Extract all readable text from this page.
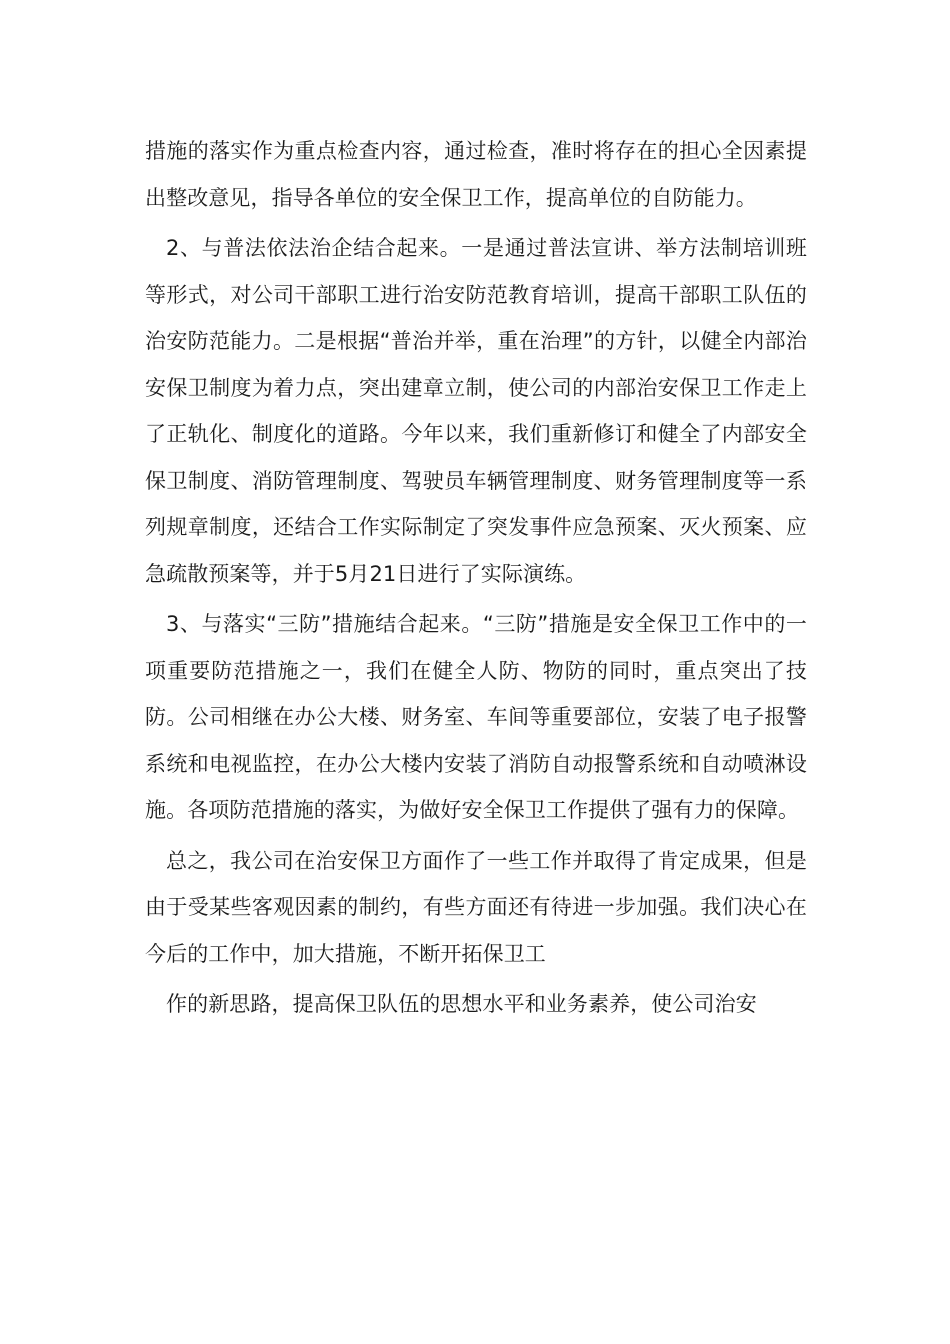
措施的落实作为重点检查内容，通过检查，准时将存在的担心全因素提出整改意见，指导各单位的安全保卫工作，提高单位的自防能力。

2、与普法依法治企结合起来。一是通过普法宣讲、举方法制培训班等形式，对公司干部职工进行治安防范教育培训，提高干部职工队伍的治安防范能力。二是根据“普治并举，重在治理”的方针，以健全内部治安保卫制度为着力点，突出建章立制，使公司的内部治安保卫工作走上了正轨化、制度化的道路。今年以来，我们重新修订和健全了内部安全保卫制度、消防管理制度、驾驶员车辆管理制度、财务管理制度等一系列规章制度，还结合工作实际制定了突发事件应急预案、灭火预案、应急疏散预案等，并于5月21日进行了实际演练。

3、与落实“三防”措施结合起来。“三防”措施是安全保卫工作中的一项重要防范措施之一，我们在健全人防、物防的同时，重点突出了技防。公司相继在办公大楼、财务室、车间等重要部位，安装了电子报警系统和电视监控，在办公大楼内安装了消防自动报警系统和自动喷淋设施。各项防范措施的落实，为做好安全保卫工作提供了强有力的保障。

总之，我公司在治安保卫方面作了一些工作并取得了肯定成果，但是由于受某些客观因素的制约，有些方面还有待进一步加强。我们决心在今后的工作中，加大措施，不断开拓保卫工

作的新思路，提高保卫队伍的思想水平和业务素养，使公司治安
